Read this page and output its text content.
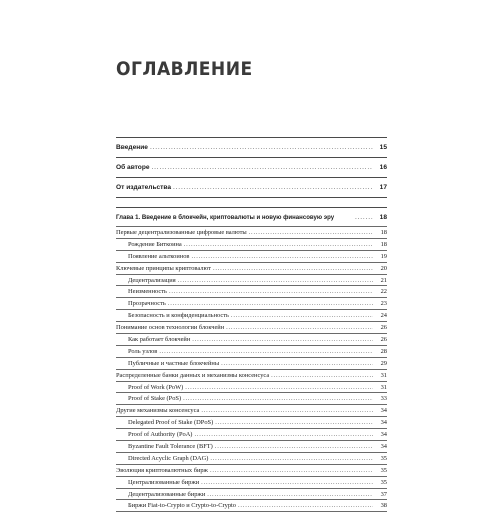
ОГЛАВЛЕНИЕ
Введение .....	15
Об авторе .....	16
От издательства .....	17
Глава 1. Введение в блокчейн, криптовалюты и новую финансовую эру .....	18
Первые децентрализованные цифровые валюты .....	18
Рождение Биткоина .....	18
Появление альткоинов .....	19
Ключевые принципы криптовалют .....	20
Децентрализация .....	21
Неизменность .....	22
Прозрачность .....	23
Безопасность и конфиденциальность .....	24
Понимание основ технологии блокчейн .....	26
Как работает блокчейн .....	26
Роль узлов .....	28
Публичные и частные блокчейны .....	29
Распределенные банки данных и механизмы консенсуса .....	31
Proof of Work (PoW) .....	31
Proof of Stake (PoS) .....	33
Другие механизмы консенсуса .....	34
Delegated Proof of Stake (DPoS) .....	34
Proof of Authority (PoA) .....	34
Byzantine Fault Tolerance (BFT) .....	34
Directed Acyclic Graph (DAG) .....	35
Эволюция криптовалютных бирж .....	35
Централизованные биржи .....	35
Децентрализованные биржи .....	37
Биржи Fiat-to-Crypto и Crypto-to-Crypto .....	38
